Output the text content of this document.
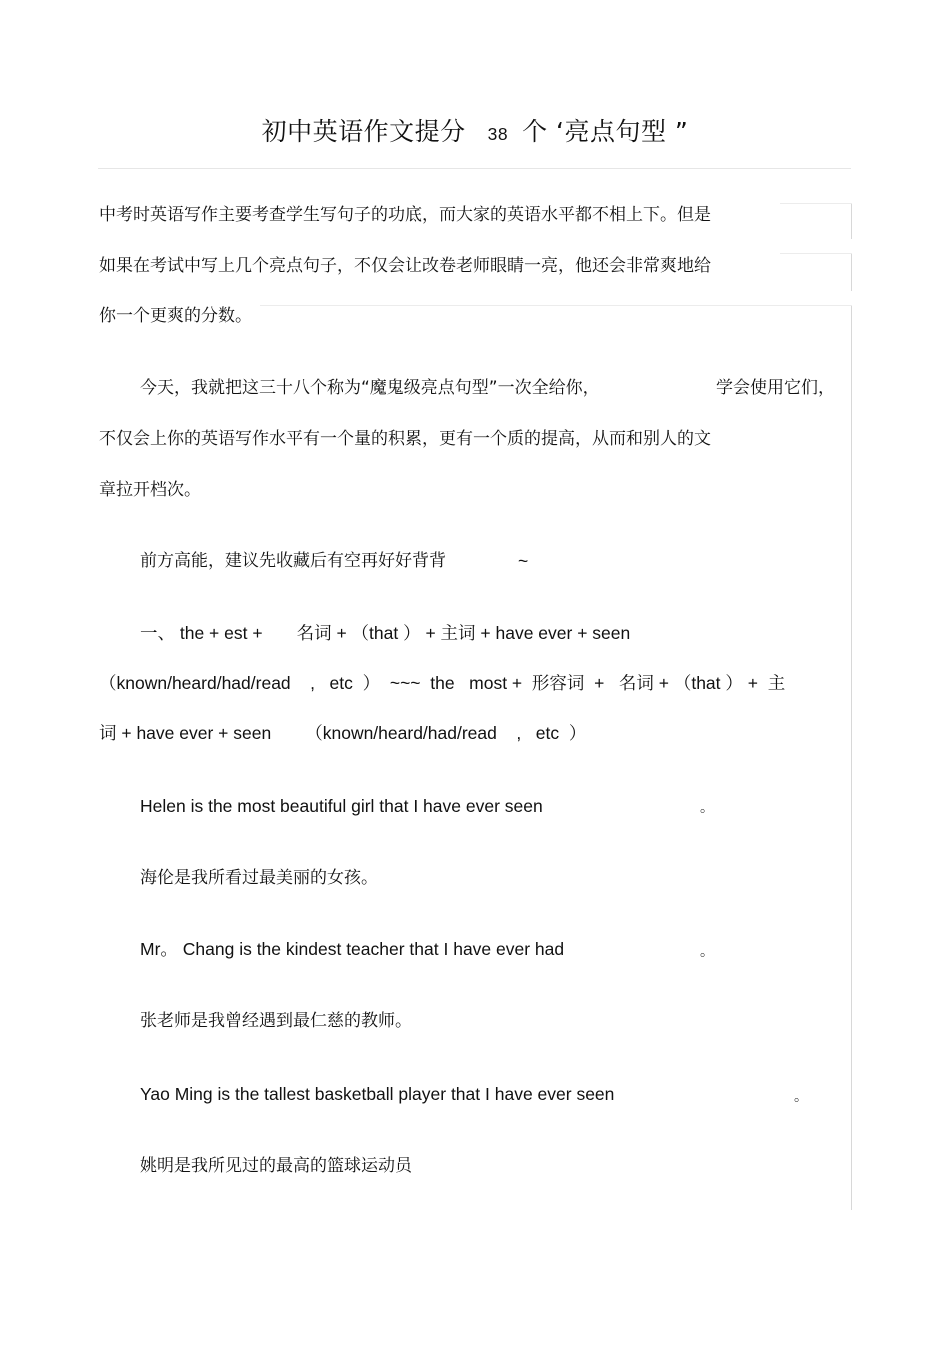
初中英语作文提分 38 个 ‘亮点句型 ”
中考时英语写作主要考查学生写句子的功底，而大家的英语水平都不相上下。但是
如果在考试中写上几个亮点句子，不仅会让改卷老师眼睛一亮，他还会非常爽地给
你一个更爽的分数。
今天，我就把这三十八个称为“魔鬼级亮点句型”一次全给你，	学会使用它们，
不仅会上你的英语写作水平有一个量的积累，更有一个质的提高，从而和别人的文
章拉开档次。
前方高能，建议先收藏后有空再好好背背	~
一、 the + est +       名词 + （that ） + 主词 + have ever + seen
（known/heard/had/read    ,   etc  ）  ~~~  the   most +  形容词  +   名词 + （that ） +  主
词 + have ever + seen       （known/heard/had/read    ,   etc  ）
Helen is the most beautiful girl that I have ever seen	。
海伦是我所看过最美丽的女孩。
Mr。 Chang is the kindest teacher that I have ever had	。
张老师是我曾经遇到最仁慈的教师。
Yao Ming is the tallest basketball player that I have ever seen	。
姚明是我所见过的最高的篮球运动员
